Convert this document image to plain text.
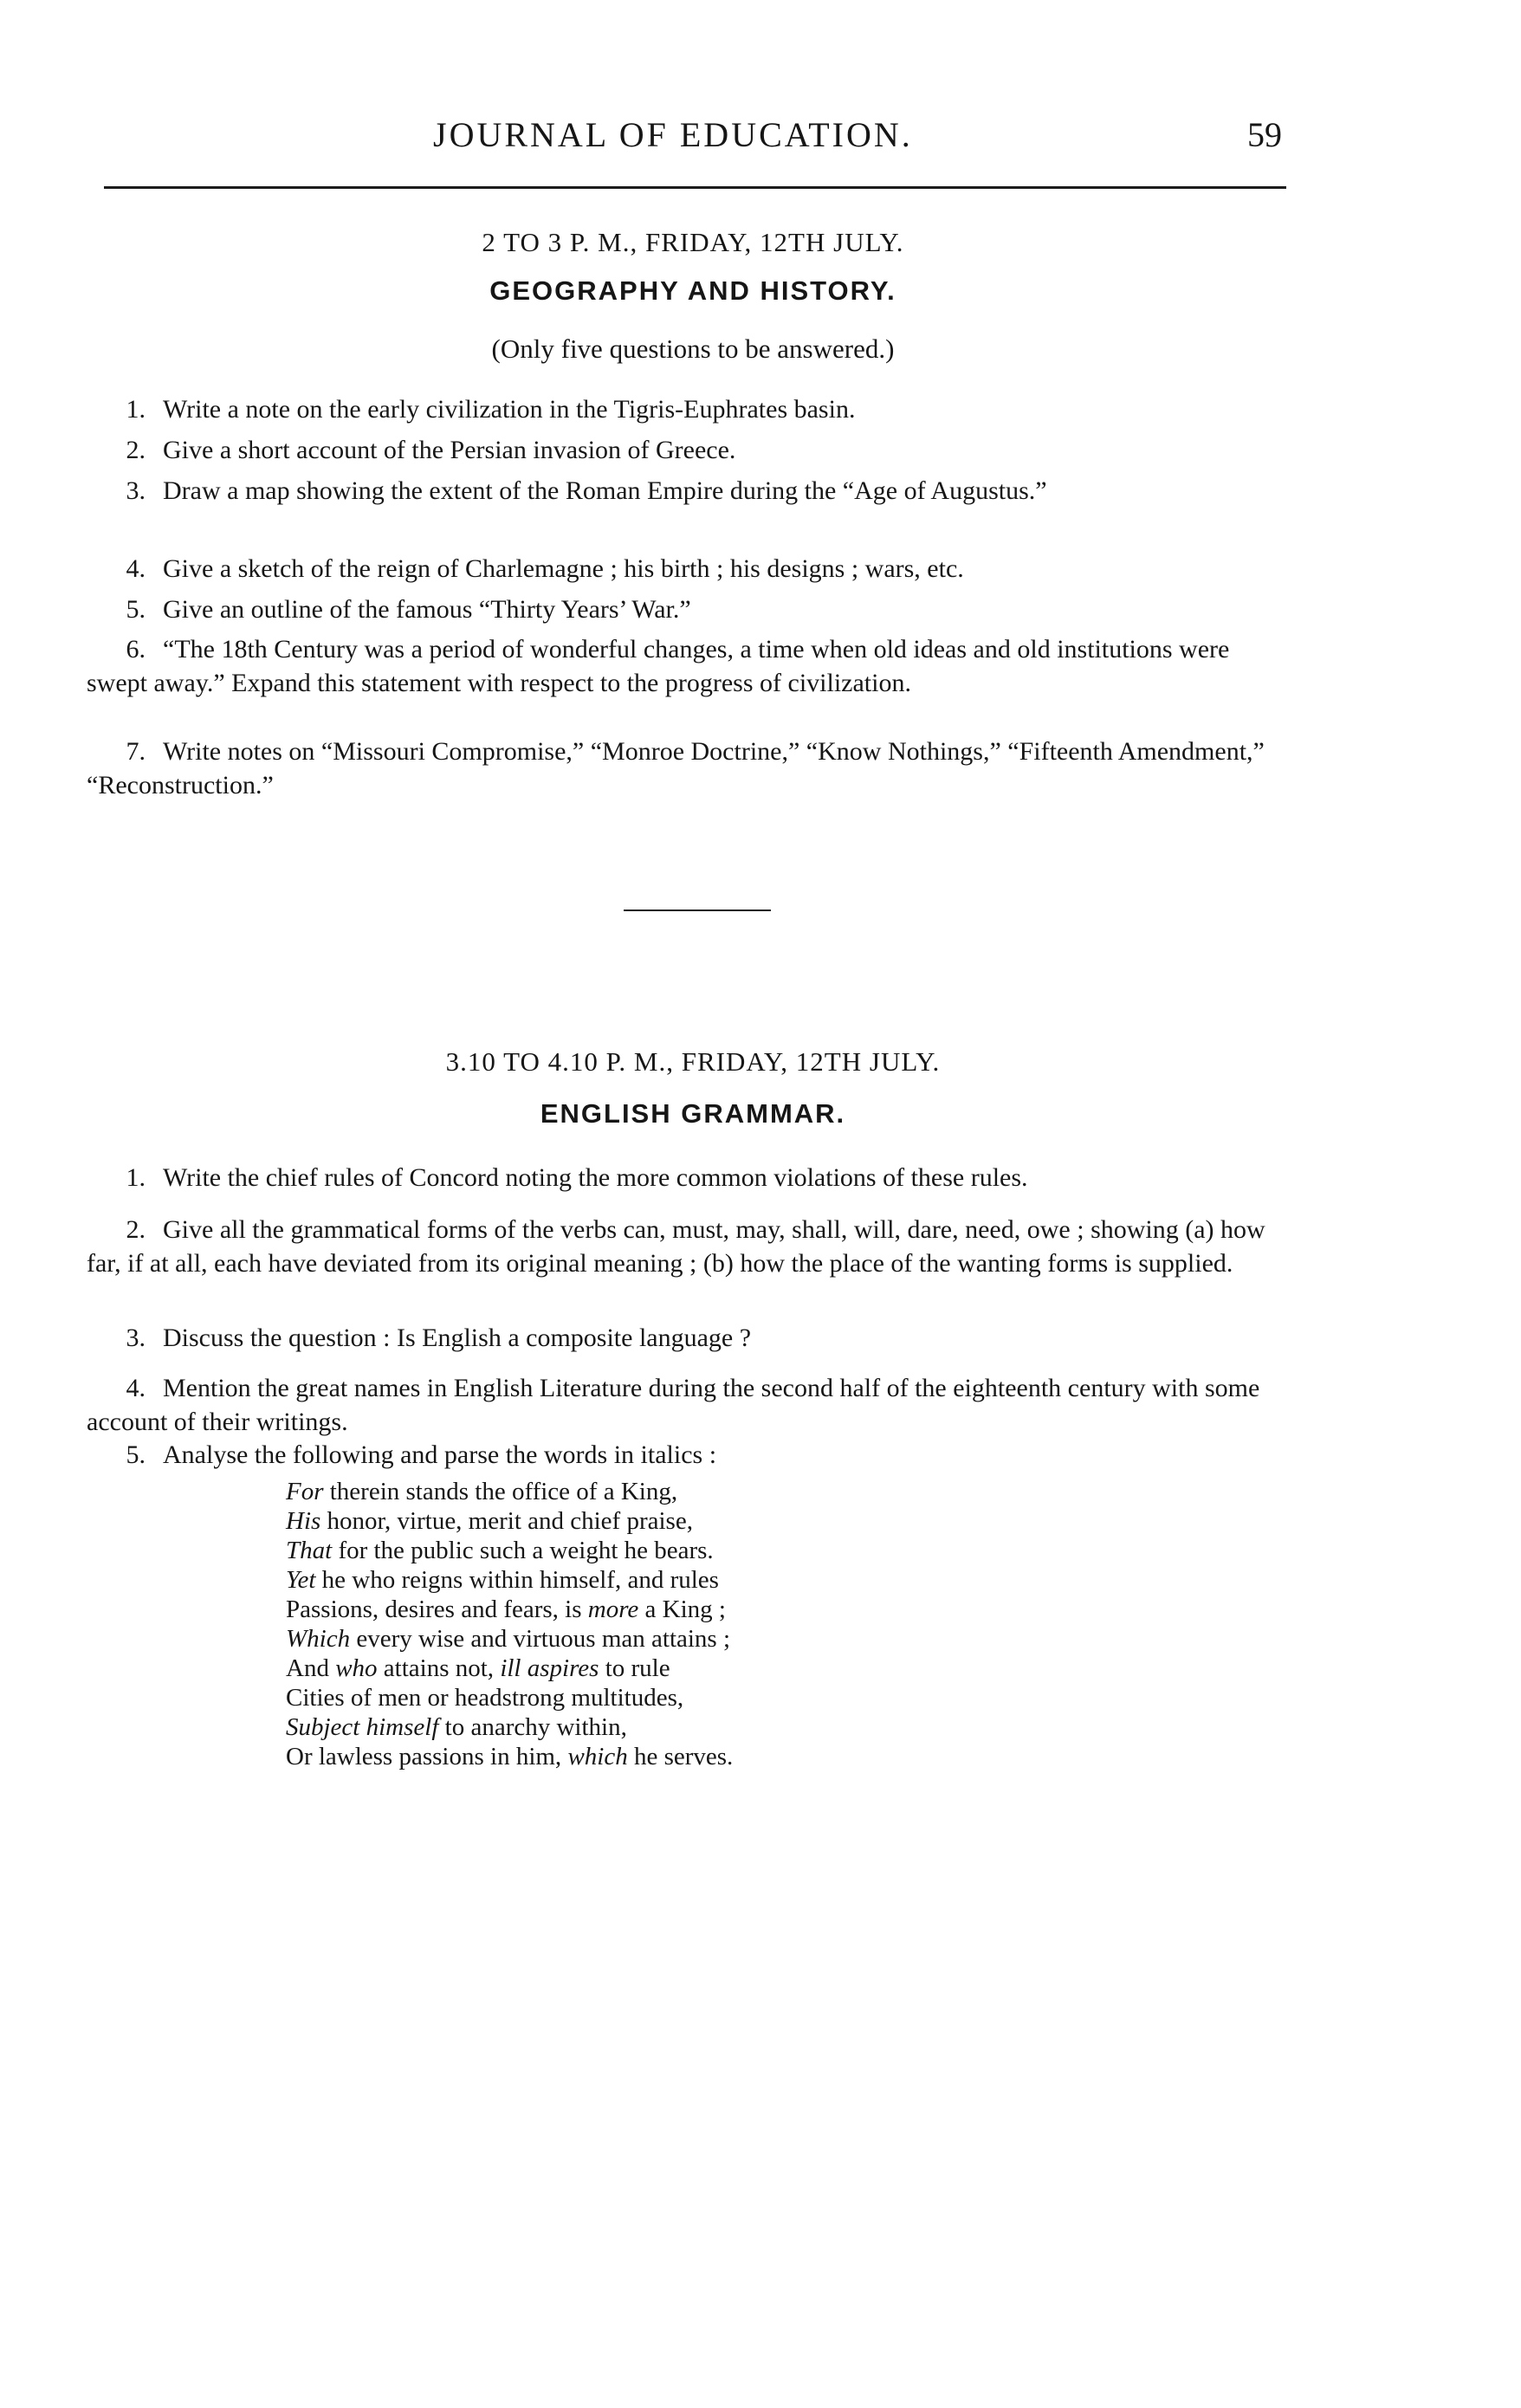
JOURNAL OF EDUCATION.	59
2 TO 3 P. M., FRIDAY, 12TH JULY.
GEOGRAPHY AND HISTORY.
(Only five questions to be answered.)
1. Write a note on the early civilization in the Tigris-Euphrates basin.
2. Give a short account of the Persian invasion of Greece.
3. Draw a map showing the extent of the Roman Empire during the “Age of Augustus.”
4. Give a sketch of the reign of Charlemagne ; his birth ; his designs ; wars, etc.
5. Give an outline of the famous “Thirty Years’ War.”
6. “The 18th Century was a period of wonderful changes, a time when old ideas and old institutions were swept away.” Expand this statement with respect to the progress of civilization.
7. Write notes on “Missouri Compromise,” “Monroe Doctrine,” “Know Nothings,” “Fifteenth Amendment,” “Reconstruction.”
3.10 TO 4.10 P. M., FRIDAY, 12TH JULY.
ENGLISH GRAMMAR.
1. Write the chief rules of Concord noting the more common violations of these rules.
2. Give all the grammatical forms of the verbs can, must, may, shall, will, dare, need, owe ; showing (a) how far, if at all, each have deviated from its original meaning ; (b) how the place of the wanting forms is supplied.
3. Discuss the question : Is English a composite language ?
4. Mention the great names in English Literature during the second half of the eighteenth century with some account of their writings.
5. Analyse the following and parse the words in italics :
For therein stands the office of a King,
His honor, virtue, merit and chief praise,
That for the public such a weight he bears.
Yet he who reigns within himself, and rules
Passions, desires and fears, is more a King ;
Which every wise and virtuous man attains ;
And who attains not, ill aspires to rule
Cities of men or headstrong multitudes,
Subject himself to anarchy within,
Or lawless passions in him, which he serves.
